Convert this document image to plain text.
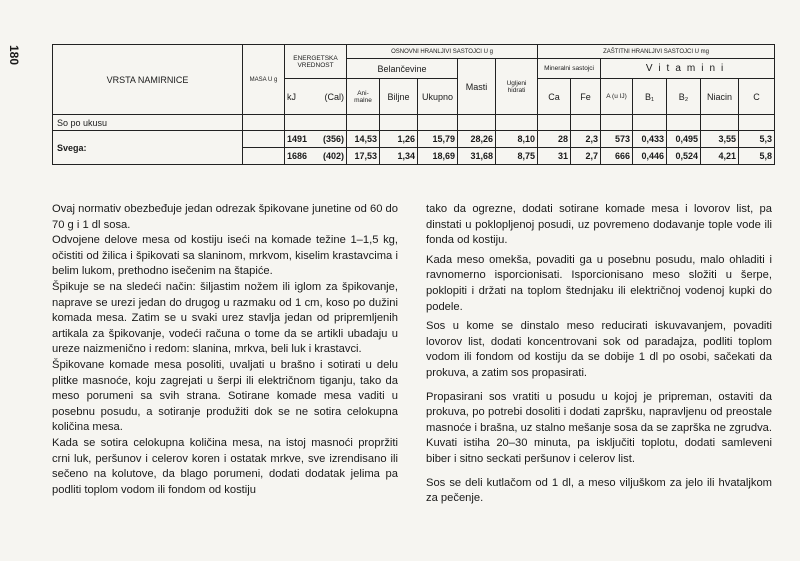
180
VRSTA NAMIRNICE	MASA U g	ENERGETSKA VREDNOST	OSNOVNI HRANLJIVI SASTOJCI U g					ZAŠTITNI HRANLJIVI SASTOJCI U mg						
			Belančevine			Masti	Ugljeni hidrati	Mineralni sastojci		Vitamini				

		kJ (Cal)	Ani-malne	Biljne	Ukupno			Ca	Fe	A (u IJ)	B₁	B₂	Niacin	C
So po ukusu														
Svega:		1491 (356)	14,53	1,26	15,79	28,26	8,10	28	2,3	573	0,433	0,495	3,55	5,3

		1686 (402)	17,53	1,34	18,69	31,68	8,75	31	2,7	666	0,446	0,524	4,21	5,8

Ovaj normativ obezbeđuje jedan odrezak špikovane junetine od 60 do 70 g i 1 dl sosa.

Odvojene delove mesa od kostiju iseći na komade težine 1–1,5 kg, očistiti od žilica i špikovati sa slaninom, mrkvom, kiselim krastavcima i belim lukom, prethodno isečenim na štapiće.

Špikuje se na sledeći način: šiljastim nožem ili iglom za špikovanje, naprave se urezi jedan do drugog u razmaku od 1 cm, koso po dužini komada mesa. Zatim se u svaki urez stavlja jedan od pripremljenih artikala za špikovanje, vodeći računa o tome da se artikli ubadaju u ureze naizmenično i redom: slanina, mrkva, beli luk i krastavci.

Špikovane komade mesa posoliti, uvaljati u brašno i sotirati u delu plitke masnoće, koju zagrejati u šerpi ili električnom tiganju, tako da meso porumeni sa svih strana. Sotirane komade mesa vaditi u posebnu posudu, a sotiranje produžiti dok se ne sotira celokupna količina mesa.

Kada se sotira celokupna količina mesa, na istoj masnoći propržiti crni luk, peršunov i celerov koren i ostatak mrkve, sve izrendisano ili sečeno na kolutove, da blago porumeni, dodati dodatak jelima pa podliti toplom vodom ili fondom od kostiju

tako da ogrezne, dodati sotirane komade mesa i lovorov list, pa dinstati u poklopljenoj posudi, uz povremeno dodavanje tople vode ili fonda od kostiju.

Kada meso omekša, povaditi ga u posebnu posudu, malo ohladiti i ravnomerno isporcionisati. Isporcionisano meso složiti u šerpe, poklopiti i držati na toplom štednjaku ili električnoj vodenoj kupki do podele.

Sos u kome se dinstalo meso reducirati iskuvavanjem, povaditi lovorov list, dodati koncentrovani sok od paradajza, podliti toplom vodom ili fondom od kostiju da se dobije 1 dl po osobi, sačekati da prokuva, a zatim sos propasirati.

Propasirani sos vratiti u posudu u kojoj je pripreman, ostaviti da prokuva, po potrebi dosoliti i dodati zapršku, napravljenu od preostale masnoće i brašna, uz stalno mešanje sosa da se zaprška ne zgrudva. Kuvati istiha 20–30 minuta, pa isključiti toplotu, dodati samleveni biber i sitno seckati peršunov i celerov list.

Sos se deli kutlačom od 1 dl, a meso viljuškom za jelo ili hvataljkom za pečenje.
